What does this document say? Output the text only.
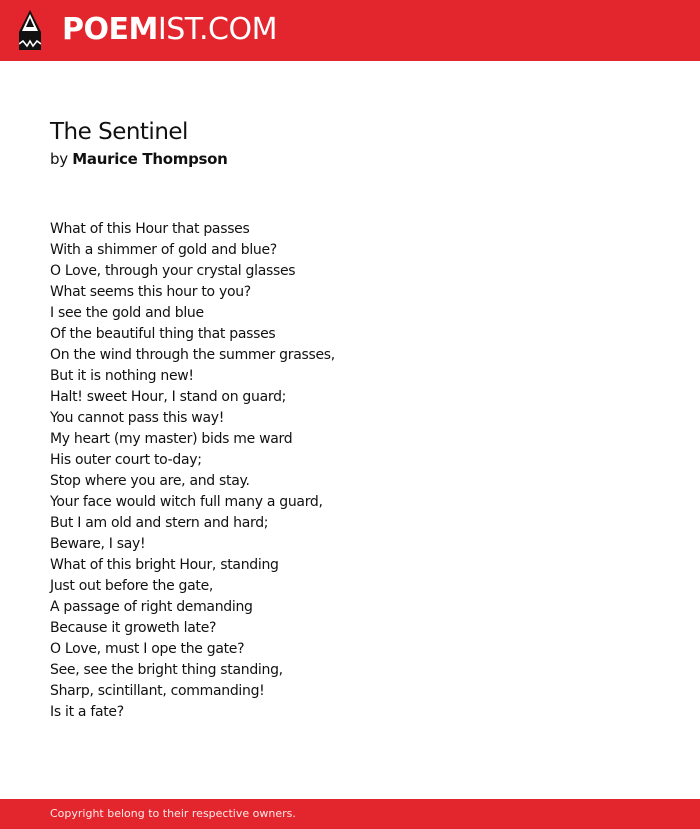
POEMIST.COM
The Sentinel
by Maurice Thompson
What of this Hour that passes
With a shimmer of gold and blue?
O Love, through your crystal glasses
What seems this hour to you?
I see the gold and blue
Of the beautiful thing that passes
On the wind through the summer grasses,
But it is nothing new!
Halt! sweet Hour, I stand on guard;
You cannot pass this way!
My heart (my master) bids me ward
His outer court to-day;
Stop where you are, and stay.
Your face would witch full many a guard,
But I am old and stern and hard;
Beware, I say!
What of this bright Hour, standing
Just out before the gate,
A passage of right demanding
Because it groweth late?
O Love, must I ope the gate?
See, see the bright thing standing,
Sharp, scintillant, commanding!
Is it a fate?
Copyright belong to their respective owners.
